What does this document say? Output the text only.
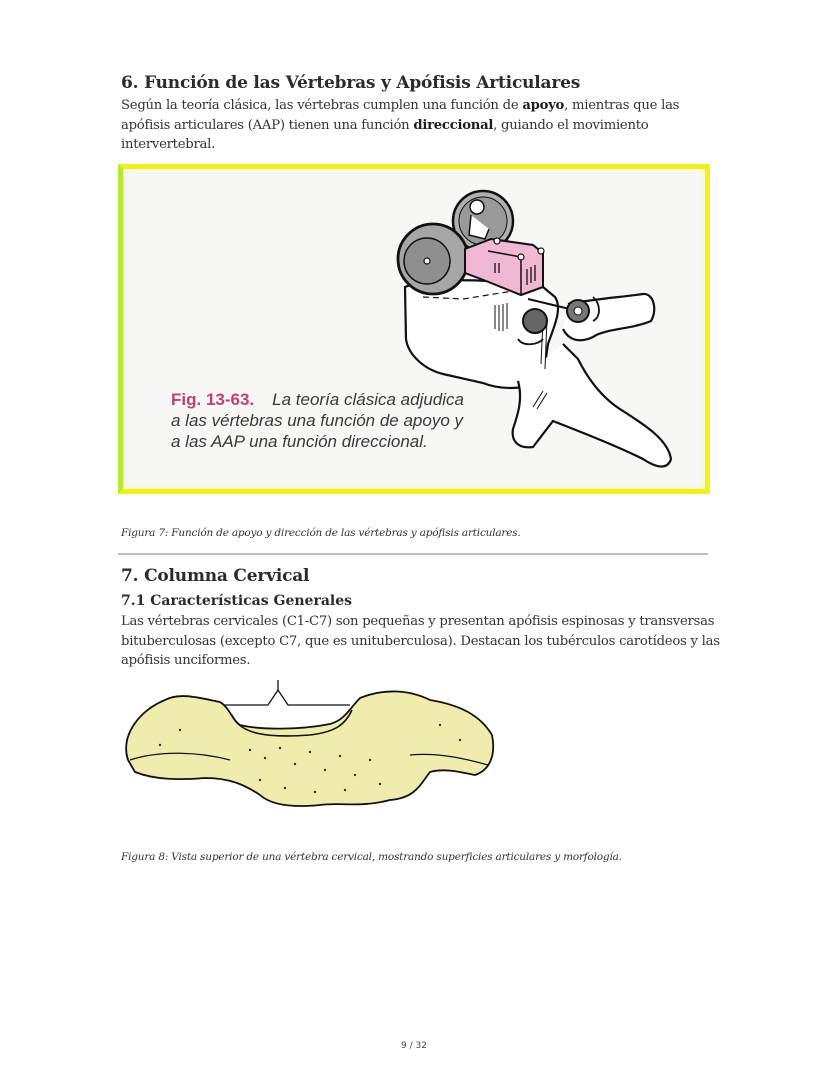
6. Función de las Vértebras y Apófisis Articulares

Según la teoría clásica, las vértebras cumplen una función de apoyo, mientras que las apófisis articulares (AAP) tienen una función direccional, guiando el movimiento intervertebral.

Fig. 13-63. La teoría clásica adjudica a las vértebras una función de apoyo y a las AAP una función direccional.
Figura 7: Función de apoyo y dirección de las vértebras y apófisis articulares.
7. Columna Cervical
7.1 Características Generales

Las vértebras cervicales (C1-C7) son pequeñas y presentan apófisis espinosas y transversas bituberculosas (excepto C7, que es unituberculosa). Destacan los tubérculos carotídeos y las apófisis unciformes.

Figura 8: Vista superior de una vértebra cervical, mostrando superficies articulares y morfología.
9 / 32
